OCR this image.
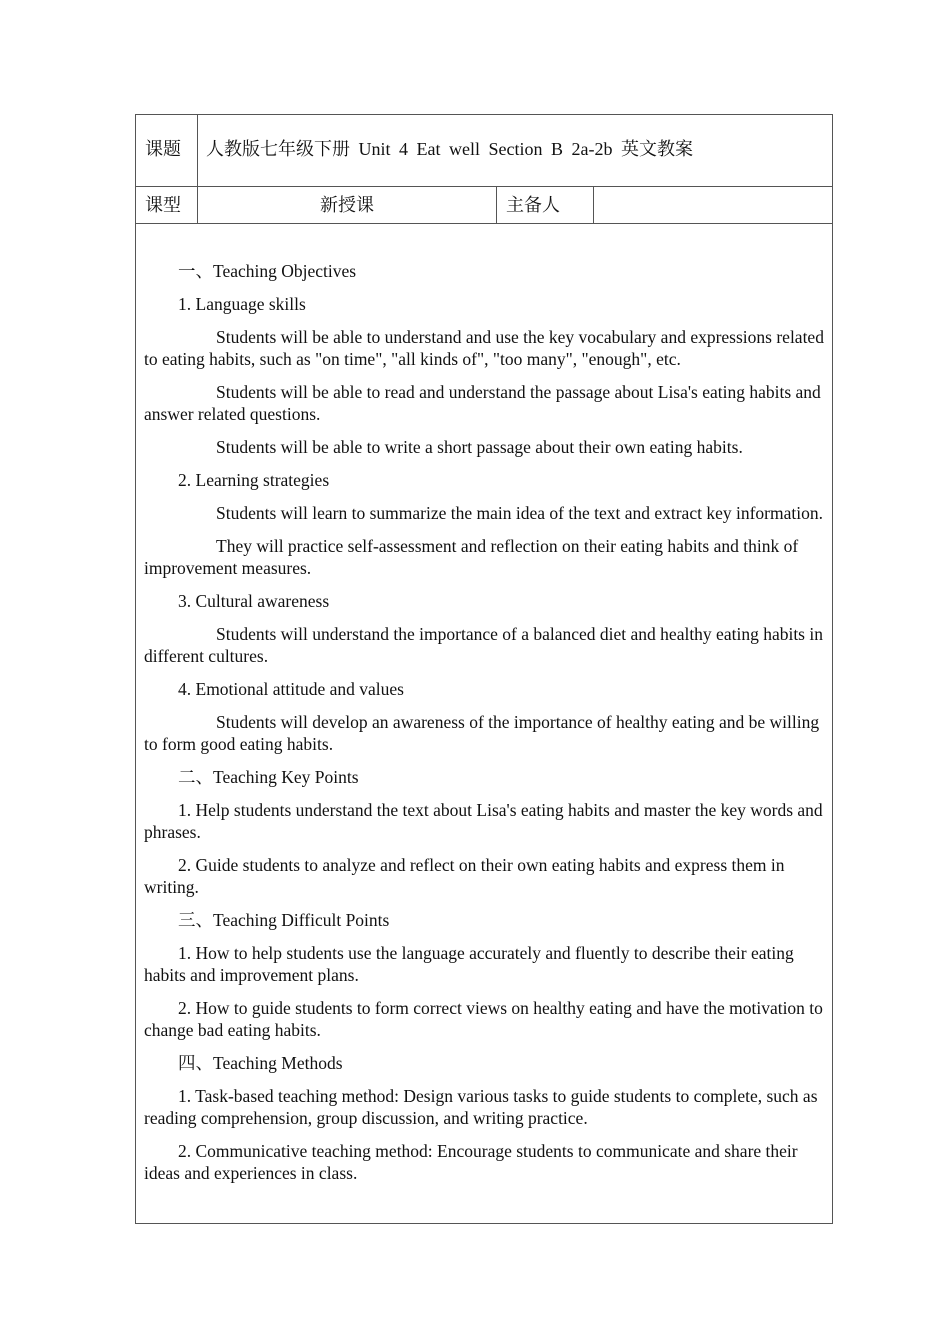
课题	人教版七年级下册 Unit 4 Eat well Section B 2a-2b 英文教案
课型	新授课	主备人

一、Teaching Objectives

1. Language skills

Students will be able to understand and use the key vocabulary and expressions related to eating habits, such as "on time", "all kinds of", "too many", "enough", etc.

Students will be able to read and understand the passage about Lisa's eating habits and answer related questions.

Students will be able to write a short passage about their own eating habits.

2. Learning strategies

Students will learn to summarize the main idea of the text and extract key information.

They will practice self-assessment and reflection on their eating habits and think of improvement measures.

3. Cultural awareness

Students will understand the importance of a balanced diet and healthy eating habits in different cultures.

4. Emotional attitude and values

Students will develop an awareness of the importance of healthy eating and be willing to form good eating habits.

二、Teaching Key Points

1. Help students understand the text about Lisa's eating habits and master the key words and phrases.

2. Guide students to analyze and reflect on their own eating habits and express them in writing.

三、Teaching Difficult Points

1. How to help students use the language accurately and fluently to describe their eating habits and improvement plans.

2. How to guide students to form correct views on healthy eating and have the motivation to change bad eating habits.

四、Teaching Methods

1. Task-based teaching method: Design various tasks to guide students to complete, such as reading comprehension, group discussion, and writing practice.

2. Communicative teaching method: Encourage students to communicate and share their ideas and experiences in class.
